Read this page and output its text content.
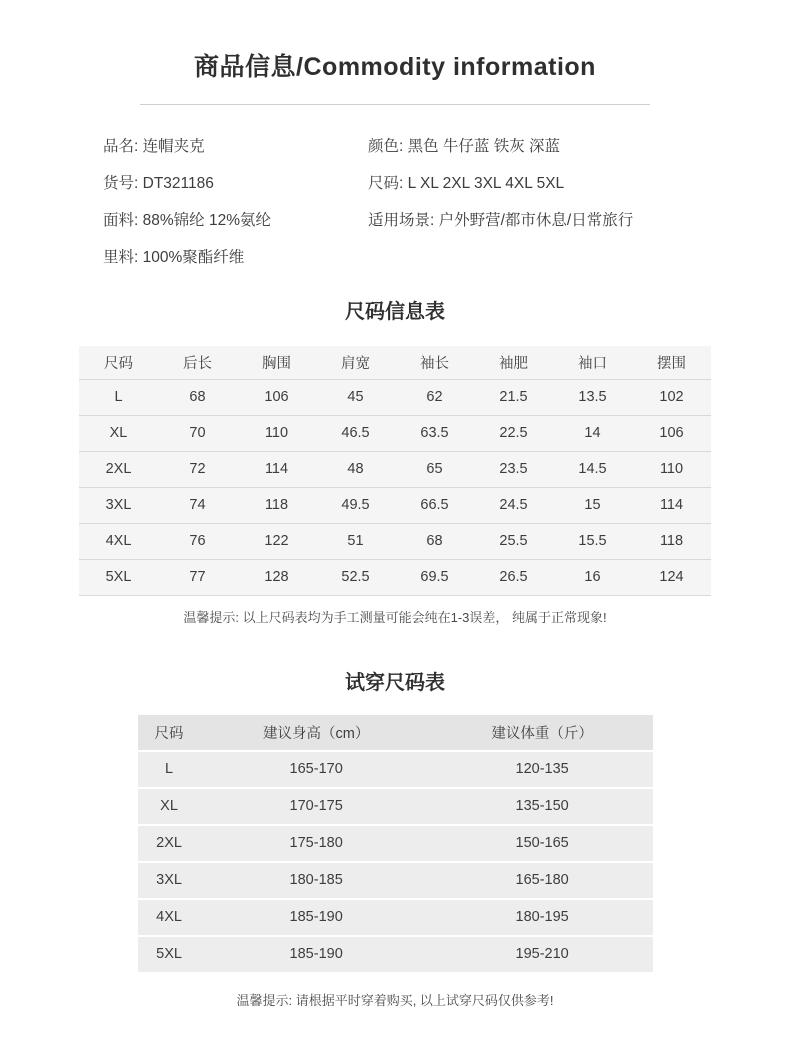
商品信息/Commodity information
品名: 连帽夹克	颜色: 黑色 牛仔蓝 铁灰 深蓝
货号: DT321186	尺码: L XL 2XL 3XL 4XL 5XL
面料: 88%锦纶 12%氨纶	适用场景: 户外野营/都市休息/日常旅行
里料: 100%聚酯纤维
尺码信息表
尺码	后长	胸围	肩宽	袖长	袖肥	袖口	摆围
L	68	106	45	62	21.5	13.5	102
XL	70	110	46.5	63.5	22.5	14	106
2XL	72	114	48	65	23.5	14.5	110
3XL	74	118	49.5	66.5	24.5	15	114
4XL	76	122	51	68	25.5	15.5	118
5XL	77	128	52.5	69.5	26.5	16	124
温馨提示: 以上尺码表均为手工测量可能会纯在1-3误差， 纯属于正常现象!
试穿尺码表
尺码	建议身高（cm）	建议体重（斤）
L	165-170	120-135
XL	170-175	135-150
2XL	175-180	150-165
3XL	180-185	165-180
4XL	185-190	180-195
5XL	185-190	195-210
温馨提示: 请根据平时穿着购买, 以上试穿尺码仅供参考!
